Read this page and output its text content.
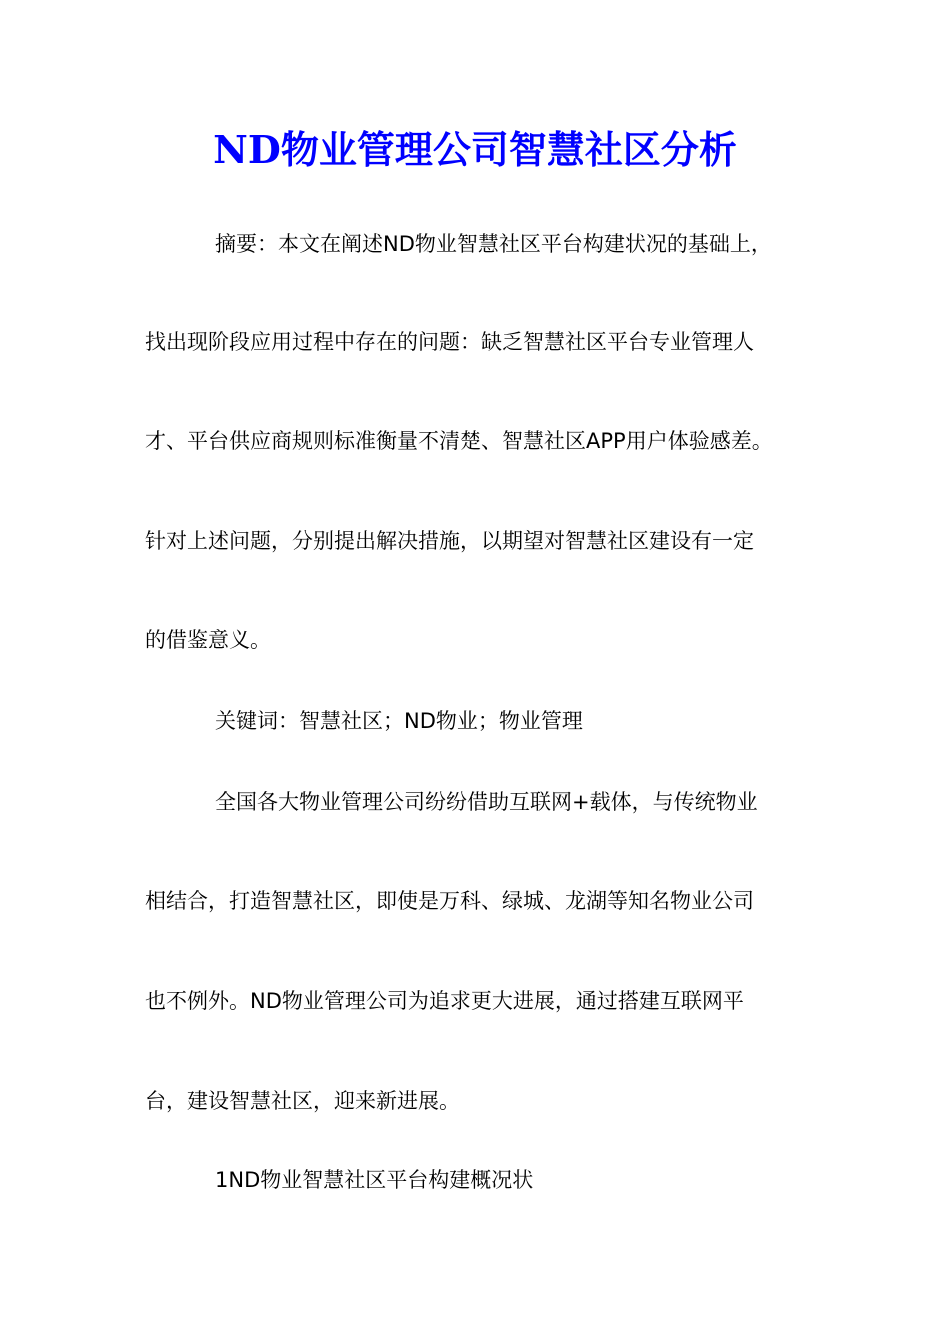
ND物业管理公司智慧社区分析
摘要：本文在阐述ND物业智慧社区平台构建状况的基础上，
找出现阶段应用过程中存在的问题：缺乏智慧社区平台专业管理人
才、平台供应商规则标准衡量不清楚、智慧社区APP用户体验感差。
针对上述问题，分别提出解决措施，以期望对智慧社区建设有一定
的借鉴意义。
关键词：智慧社区；ND物业；物业管理
全国各大物业管理公司纷纷借助互联网+载体，与传统物业
相结合，打造智慧社区，即使是万科、绿城、龙湖等知名物业公司
也不例外。ND物业管理公司为追求更大进展，通过搭建互联网平
台，建设智慧社区，迎来新进展。
1ND物业智慧社区平台构建概况状
